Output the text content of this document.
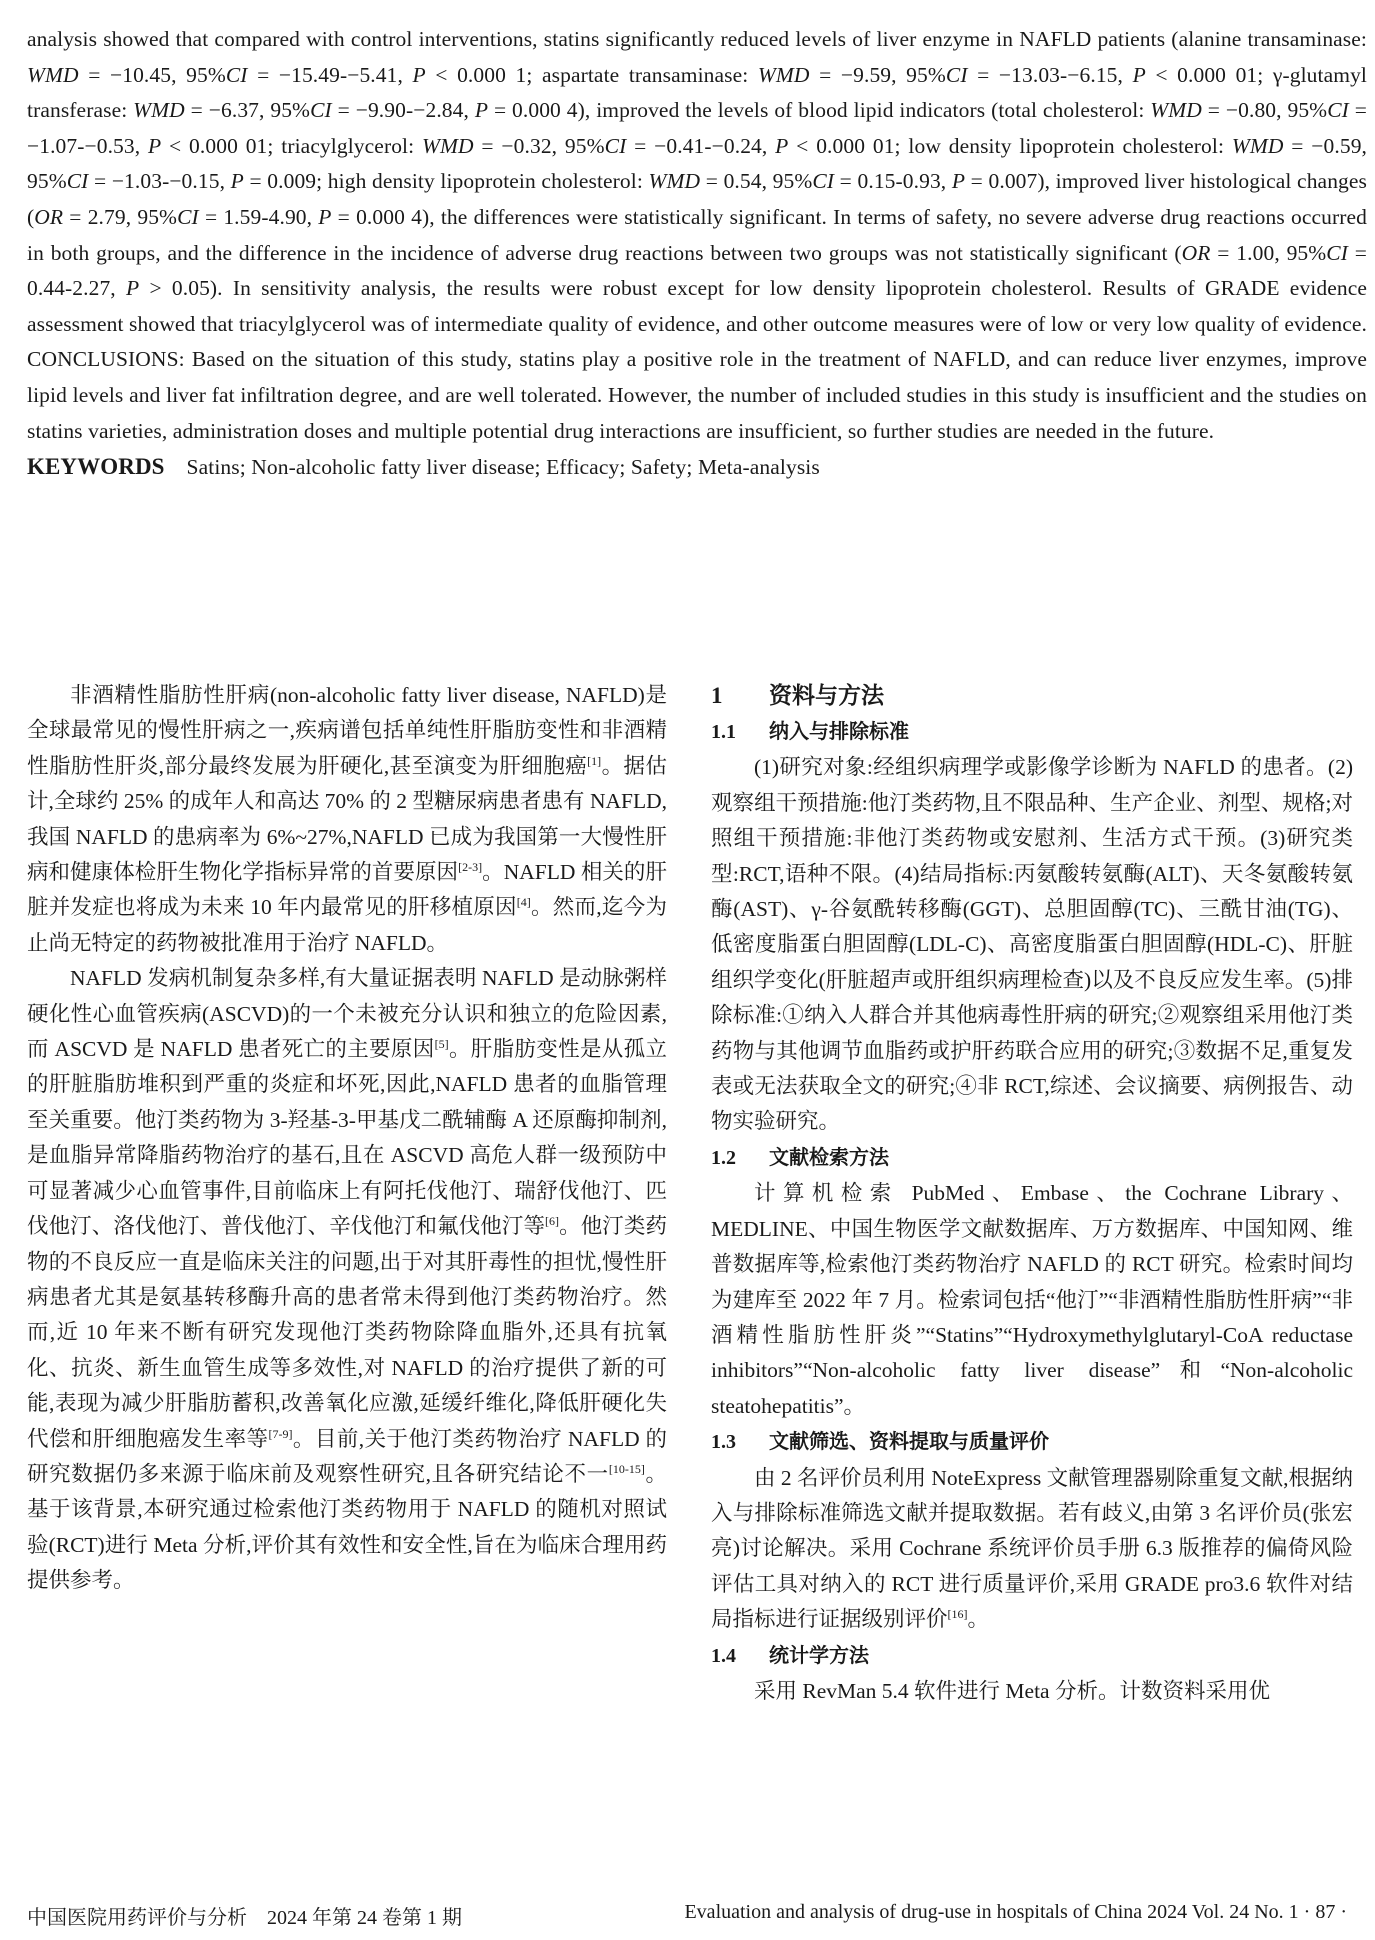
analysis showed that compared with control interventions, statins significantly reduced levels of liver enzyme in NAFLD patients (alanine transaminase: WMD = −10.45, 95%CI = −15.49-−5.41, P < 0.000 1; aspartate transaminase: WMD = −9.59, 95%CI = −13.03-−6.15, P < 0.000 01; γ-glutamyl transferase: WMD = −6.37, 95%CI = −9.90-−2.84, P = 0.000 4), improved the levels of blood lipid indicators (total cholesterol: WMD = −0.80, 95%CI = −1.07-−0.53, P < 0.000 01; triacylglycerol: WMD = −0.32, 95%CI = −0.41-−0.24, P < 0.000 01; low density lipoprotein cholesterol: WMD = −0.59, 95%CI = −1.03-−0.15, P = 0.009; high density lipoprotein cholesterol: WMD = 0.54, 95%CI = 0.15-0.93, P = 0.007), improved liver histological changes (OR = 2.79, 95%CI = 1.59-4.90, P = 0.000 4), the differences were statistically significant. In terms of safety, no severe adverse drug reactions occurred in both groups, and the difference in the incidence of adverse drug reactions between two groups was not statistically significant (OR = 1.00, 95%CI = 0.44-2.27, P > 0.05). In sensitivity analysis, the results were robust except for low density lipoprotein cholesterol. Results of GRADE evidence assessment showed that triacylglycerol was of intermediate quality of evidence, and other outcome measures were of low or very low quality of evidence. CONCLUSIONS: Based on the situation of this study, statins play a positive role in the treatment of NAFLD, and can reduce liver enzymes, improve lipid levels and liver fat infiltration degree, and are well tolerated. However, the number of included studies in this study is insufficient and the studies on statins varieties, administration doses and multiple potential drug interactions are insufficient, so further studies are needed in the future.

KEYWORDS Satins; Non-alcoholic fatty liver disease; Efficacy; Safety; Meta-analysis

非酒精性脂肪性肝病(non-alcoholic fatty liver disease, NAFLD)是全球最常见的慢性肝病之一,疾病谱包括单纯性肝脂肪变性和非酒精性脂肪性肝炎,部分最终发展为肝硬化,甚至演变为肝细胞癌[1]。据估计,全球约 25% 的成年人和高达 70% 的 2 型糖尿病患者患有 NAFLD,我国 NAFLD 的患病率为 6%~27%,NAFLD 已成为我国第一大慢性肝病和健康体检肝生物化学指标异常的首要原因[2-3]。NAFLD 相关的肝脏并发症也将成为未来 10 年内最常见的肝移植原因[4]。然而,迄今为止尚无特定的药物被批准用于治疗 NAFLD。

NAFLD 发病机制复杂多样,有大量证据表明 NAFLD 是动脉粥样硬化性心血管疾病(ASCVD)的一个未被充分认识和独立的危险因素,而 ASCVD 是 NAFLD 患者死亡的主要原因[5]。肝脂肪变性是从孤立的肝脏脂肪堆积到严重的炎症和坏死,因此,NAFLD 患者的血脂管理至关重要。他汀类药物为 3-羟基-3-甲基戊二酰辅酶 A 还原酶抑制剂,是血脂异常降脂药物治疗的基石,且在 ASCVD 高危人群一级预防中可显著减少心血管事件,目前临床上有阿托伐他汀、瑞舒伐他汀、匹伐他汀、洛伐他汀、普伐他汀、辛伐他汀和氟伐他汀等[6]。他汀类药物的不良反应一直是临床关注的问题,出于对其肝毒性的担忧,慢性肝病患者尤其是氨基转移酶升高的患者常未得到他汀类药物治疗。然而,近 10 年来不断有研究发现他汀类药物除降血脂外,还具有抗氧化、抗炎、新生血管生成等多效性,对 NAFLD 的治疗提供了新的可能,表现为减少肝脂肪蓄积,改善氧化应激,延缓纤维化,降低肝硬化失代偿和肝细胞癌发生率等[7-9]。目前,关于他汀类药物治疗 NAFLD 的研究数据仍多来源于临床前及观察性研究,且各研究结论不一[10-15]。基于该背景,本研究通过检索他汀类药物用于 NAFLD 的随机对照试验(RCT)进行 Meta 分析,评价其有效性和安全性,旨在为临床合理用药提供参考。

1 资料与方法
1.1 纳入与排除标准

(1)研究对象:经组织病理学或影像学诊断为 NAFLD 的患者。(2)观察组干预措施:他汀类药物,且不限品种、生产企业、剂型、规格;对照组干预措施:非他汀类药物或安慰剂、生活方式干预。(3)研究类型:RCT,语种不限。(4)结局指标:丙氨酸转氨酶(ALT)、天冬氨酸转氨酶(AST)、γ-谷氨酰转移酶(GGT)、总胆固醇(TC)、三酰甘油(TG)、低密度脂蛋白胆固醇(LDL-C)、高密度脂蛋白胆固醇(HDL-C)、肝脏组织学变化(肝脏超声或肝组织病理检查)以及不良反应发生率。(5)排除标准:①纳入人群合并其他病毒性肝病的研究;②观察组采用他汀类药物与其他调节血脂药或护肝药联合应用的研究;③数据不足,重复发表或无法获取全文的研究;④非 RCT,综述、会议摘要、病例报告、动物实验研究。

1.2 文献检索方法

计算机检索 PubMed、Embase、the Cochrane Library、MEDLINE、中国生物医学文献数据库、万方数据库、中国知网、维普数据库等,检索他汀类药物治疗 NAFLD 的 RCT 研究。检索时间均为建库至 2022 年 7 月。检索词包括“他汀”“非酒精性脂肪性肝病”“非酒精性脂肪性肝炎”“Statins”“Hydroxymethylglutaryl-CoA reductase inhibitors”“Non-alcoholic fatty liver disease”和“Non-alcoholic steatohepatitis”。

1.3 文献筛选、资料提取与质量评价

由 2 名评价员利用 NoteExpress 文献管理器剔除重复文献,根据纳入与排除标准筛选文献并提取数据。若有歧义,由第 3 名评价员(张宏亮)讨论解决。采用 Cochrane 系统评价员手册 6.3 版推荐的偏倚风险评估工具对纳入的 RCT 进行质量评价,采用 GRADE pro3.6 软件对结局指标进行证据级别评价[16]。

1.4 统计学方法

采用 RevMan 5.4 软件进行 Meta 分析。计数资料采用优

中国医院用药评价与分析　2024 年第 24 卷第 1 期	Evaluation and analysis of drug-use in hospitals of China 2024 Vol. 24 No. 1 · 87 ·
